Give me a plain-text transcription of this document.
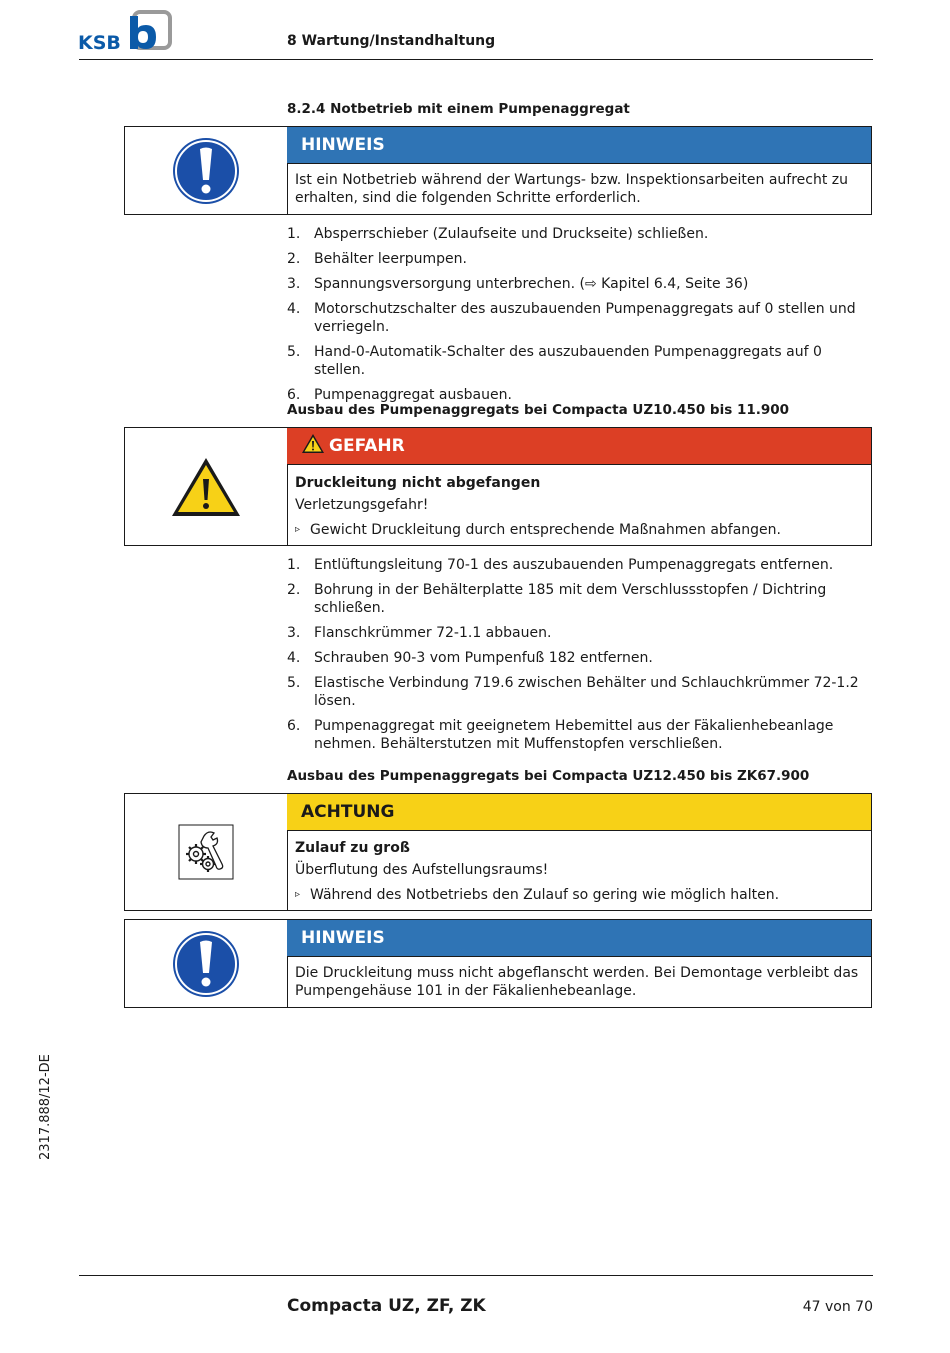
KSB	8 Wartung/Instandhaltung
8.2.4 Notbetrieb mit einem Pumpenaggregat
HINWEIS

Ist ein Notbetrieb während der Wartungs- bzw. Inspektionsarbeiten aufrecht zu erhalten, sind die folgenden Schritte erforderlich.

1. Absperrschieber (Zulaufseite und Druckseite) schließen.
2. Behälter leerpumpen.
3. Spannungsversorgung unterbrechen. (⇨ Kapitel 6.4, Seite 36)
4. Motorschutzschalter des auszubauenden Pumpenaggregats auf 0 stellen und verriegeln.
5. Hand-0-Automatik-Schalter des auszubauenden Pumpenaggregats auf 0 stellen.
6. Pumpenaggregat ausbauen.
Ausbau des Pumpenaggregats bei Compacta UZ10.450 bis 11.900
GEFAHR

Druckleitung nicht abgefangen

Verletzungsgefahr!

▹ Gewicht Druckleitung durch entsprechende Maßnahmen abfangen.

1. Entlüftungsleitung 70-1 des auszubauenden Pumpenaggregats entfernen.
2. Bohrung in der Behälterplatte 185 mit dem Verschlussstopfen / Dichtring schließen.
3. Flanschkrümmer 72-1.1 abbauen.
4. Schrauben 90-3 vom Pumpenfuß 182 entfernen.
5. Elastische Verbindung 719.6 zwischen Behälter und Schlauchkrümmer 72-1.2 lösen.
6. Pumpenaggregat mit geeignetem Hebemittel aus der Fäkalienhebeanlage nehmen. Behälterstutzen mit Muffenstopfen verschließen.
Ausbau des Pumpenaggregats bei Compacta UZ12.450 bis ZK67.900
ACHTUNG

Zulauf zu groß

Überflutung des Aufstellungsraums!

▹ Während des Notbetriebs den Zulauf so gering wie möglich halten.

HINWEIS

Die Druckleitung muss nicht abgeflanscht werden. Bei Demontage verbleibt das Pumpengehäuse 101 in der Fäkalienhebeanlage.

2317.888/12-DE
Compacta UZ, ZF, ZK	47 von 70
